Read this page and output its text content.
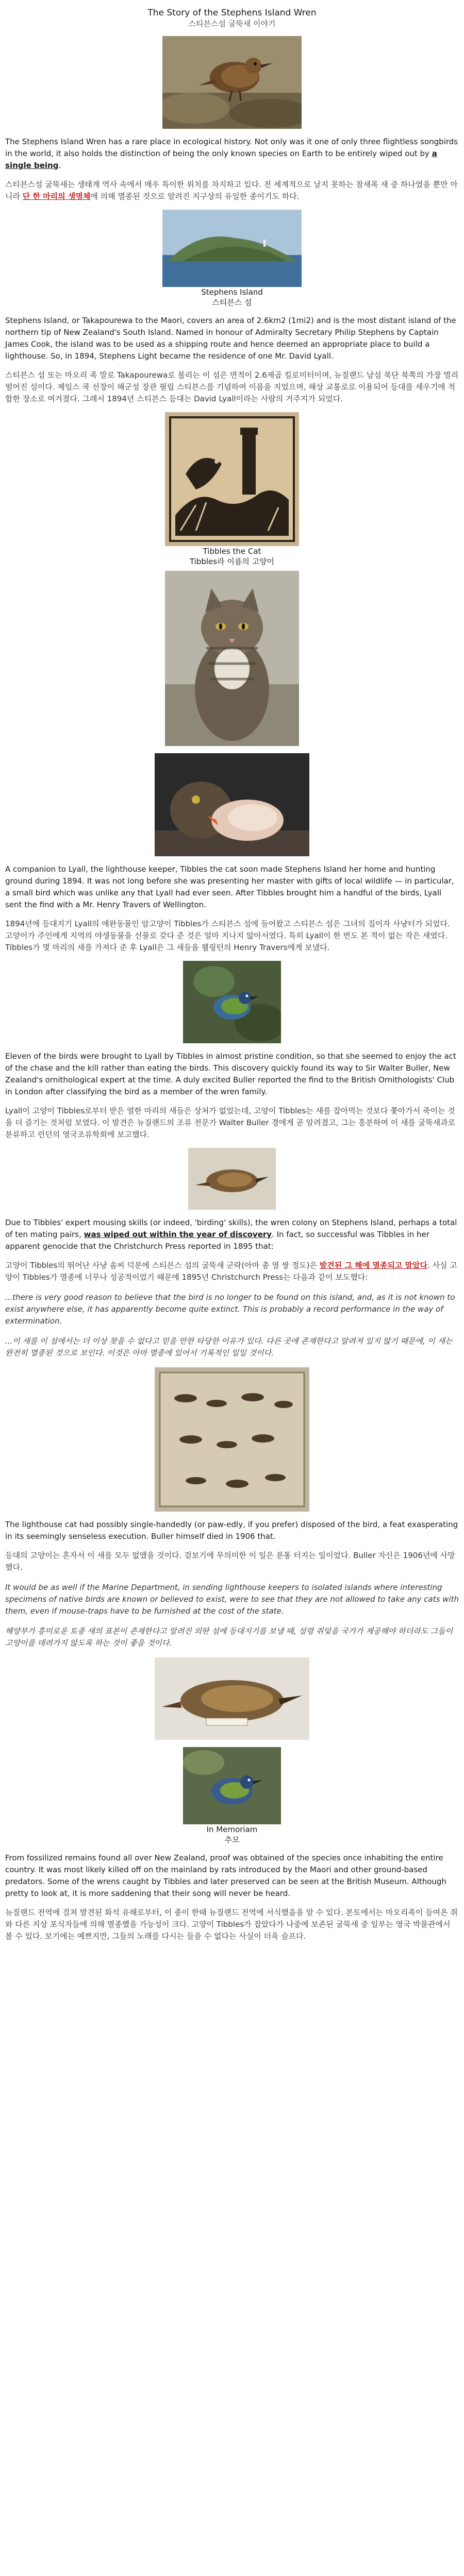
The Story of the Stephens Island Wren
스티븐스섬 굴뚝새 이야기

The Stephens Island Wren has a rare place in ecological history. Not only was it one of only three flightless songbirds in the world, it also holds the distinction of being the only known species on Earth to be entirely wiped out by a single being.

스티븐스섬 굴뚝새는 생태계 역사 속에서 매우 특이한 위치를 차지하고 있다. 전 세계적으로 날지 못하는 참새목 새 중 하나였을 뿐만 아니라 단 한 마리의 생명체에 의해 멸종된 것으로 알려진 지구상의 유일한 종이기도 하다.

Stephens Island
스티븐스 섬

Stephens Island, or Takapourewa to the Maori, covers an area of 2.6km2 (1mi2) and is the most distant island of the northern tip of New Zealand's South Island. Named in honour of Admiralty Secretary Philip Stephens by Captain James Cook, the island was to be used as a shipping route and hence deemed an appropriate place to build a lighthouse. So, in 1894, Stephens Light became the residence of one Mr. David Lyall.

스티븐스 섬 또는 마오리 족 말로 Takapourewa로 불리는 이 섬은 면적이 2.6제곱 킬로미터이며, 뉴질랜드 남섬 북단 북쪽의 가장 멀리 떨어진 섬이다. 제임스 쿡 선장이 해군성 장관 필립 스티븐스를 기념하여 이름을 지었으며, 해상 교통로로 이용되어 등대를 세우기에 적합한 장소로 여겨졌다. 그래서 1894년 스티븐스 등대는 David Lyall이라는 사람의 거주지가 되었다.

Tibbles the Cat
Tibbles라 이름의 고양이

A companion to Lyall, the lighthouse keeper, Tibbles the cat soon made Stephens Island her home and hunting ground during 1894. It was not long before she was presenting her master with gifts of local wildlife — in particular, a small bird which was unlike any that Lyall had ever seen. After Tibbles brought him a handful of the birds, Lyall sent the find with a Mr. Henry Travers of Wellington.

1894년에 등대지기 Lyall의 애완동물인 암고양이 Tibbles가 스티븐스 섬에 들어왔고 스티븐스 섬은 그녀의 집이자 사냥터가 되었다. 고양이가 주인에게 지역의 야생동물을 선물로 갖다 준 것은 얼마 지나지 않아서였다. 특히 Lyall이 한 번도 본 적이 없는 작은 새였다. Tibbles가 몇 마리의 새를 가져다 준 후 Lyall은 그 새들을 웰링턴의 Henry Travers에게 보냈다.

Eleven of the birds were brought to Lyall by Tibbles in almost pristine condition, so that she seemed to enjoy the act of the chase and the kill rather than eating the birds. This discovery quickly found its way to Sir Walter Buller, New Zealand's ornithological expert at the time. A duly excited Buller reported the find to the British Ornithologists' Club in London after classifying the bird as a member of the wren family.

Lyall이 고양이 Tibbles로부터 받은 열한 마리의 새들은 상처가 없었는데, 고양이 Tibbles는 새를 잡아먹는 것보다 쫓아가서 죽이는 것을 더 즐기는 것처럼 보였다. 이 발견은 뉴질랜드의 조류 전문가 Walter Buller 경에게 곧 알려졌고, 그는 흥분하여 이 새를 굴뚝새과로 분류하고 런던의 영국조류학회에 보고했다.

Due to Tibbles' expert mousing skills (or indeed, 'birding' skills), the wren colony on Stephens Island, perhaps a total of ten mating pairs, was wiped out within the year of discovery. In fact, so successful was Tibbles in her apparent genocide that the Christchurch Press reported in 1895 that:

고양이 Tibbles의 뛰어난 사냥 솜씨 덕분에 스티븐스 섬의 굴뚝새 군락(아마 총 열 쌍 정도)은 발견된 그 해에 멸종되고 말았다. 사실 고양이 Tibbles가 멸종에 너무나 성공적이었기 때문에 1895년 Christchurch Press는 다음과 같이 보도했다:

...there is very good reason to believe that the bird is no longer to be found on this island, and, as it is not known to exist anywhere else, it has apparently become quite extinct. This is probably a record performance in the way of extermination.

...이 새를 이 섬에서는 더 이상 찾을 수 없다고 믿을 만한 타당한 이유가 있다. 다른 곳에 존재한다고 알려져 있지 않기 때문에, 이 새는 완전히 멸종된 것으로 보인다. 이것은 아마 멸종에 있어서 기록적인 일일 것이다.

The lighthouse cat had possibly single-handedly (or paw-edly, if you prefer) disposed of the bird, a feat exasperating in its seemingly senseless execution. Buller himself died in 1906 that.

등대의 고양이는 혼자서 이 새를 모두 없앴을 것이다. 겉보기에 무의미한 이 일은 분통 터지는 일이었다. Buller 자신은 1906년에 사망했다.

It would be as well if the Marine Department, in sending lighthouse keepers to isolated islands where interesting specimens of native birds are known or believed to exist, were to see that they are not allowed to take any cats with them, even if mouse-traps have to be furnished at the cost of the state.

해양부가 흥미로운 토종 새의 표본이 존재한다고 알려진 외딴 섬에 등대지기를 보낼 때, 설령 쥐덫을 국가가 제공해야 하더라도 그들이 고양이를 데려가지 않도록 하는 것이 좋을 것이다.

In Memoriam
추모

From fossilized remains found all over New Zealand, proof was obtained of the species once inhabiting the entire country. It was most likely killed off on the mainland by rats introduced by the Maori and other ground-based predators. Some of the wrens caught by Tibbles and later preserved can be seen at the British Museum. Although pretty to look at, it is more saddening that their song will never be heard.

뉴질랜드 전역에 걸쳐 발견된 화석 유해로부터, 이 종이 한때 뉴질랜드 전역에 서식했음을 알 수 있다. 본토에서는 마오리족이 들여온 쥐와 다른 지상 포식자들에 의해 멸종했을 가능성이 크다. 고양이 Tibbles가 잡았다가 나중에 보존된 굴뚝새 중 일부는 영국 박물관에서 볼 수 있다. 보기에는 예쁘지만, 그들의 노래를 다시는 들을 수 없다는 사실이 더욱 슬프다.
